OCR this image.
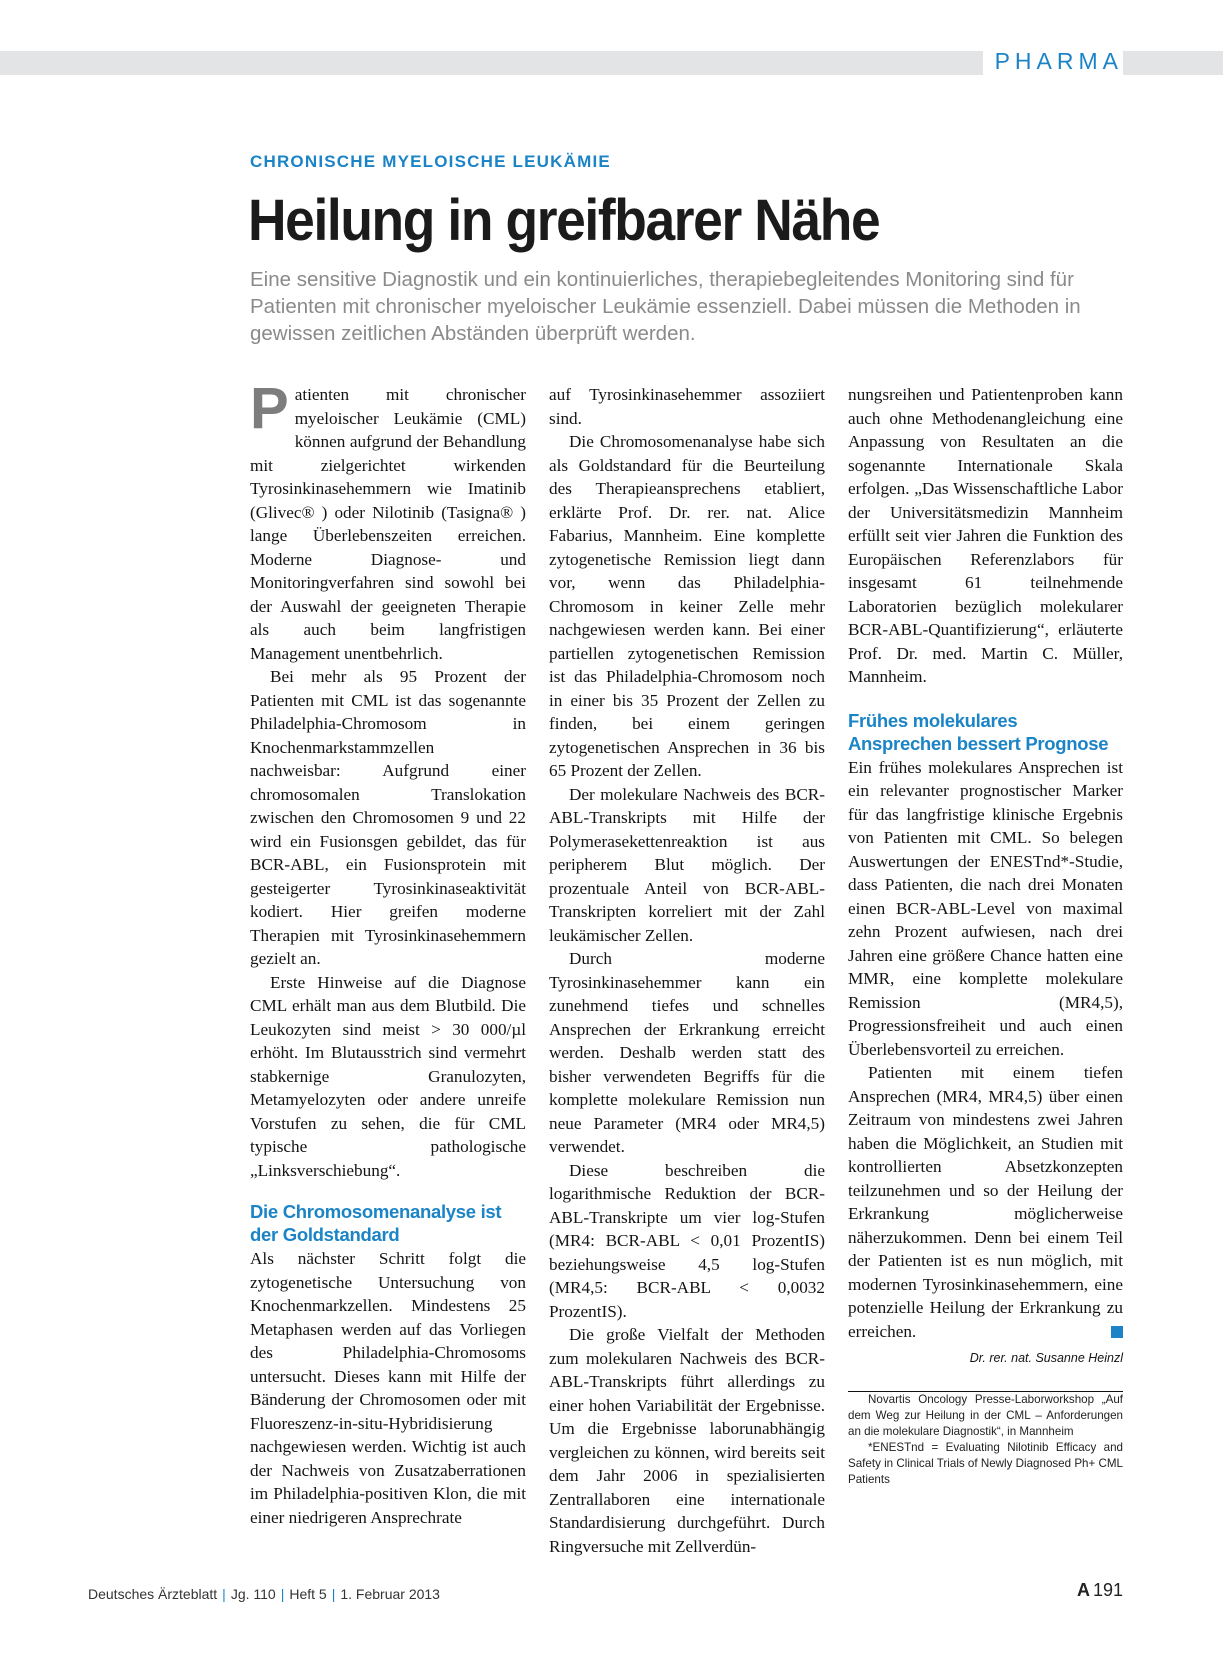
PHARMA
CHRONISCHE MYELOISCHE LEUKÄMIE
Heilung in greifbarer Nähe

Eine sensitive Diagnostik und ein kontinuierliches, therapiebegleitendes Monitoring sind für Patienten mit chronischer myeloischer Leukämie essenziell. Dabei müssen die Methoden in gewissen zeitlichen Abständen überprüft werden.

Patienten mit chronischer myeloischer Leukämie (CML) können aufgrund der Behandlung mit zielgerichtet wirkenden Tyrosinkinasehemmern wie Imatinib (Glivec® ) oder Nilotinib (Tasigna® ) lange Überlebenszeiten erreichen. Moderne Diagnose- und Monitoringverfahren sind sowohl bei der Auswahl der geeigneten Therapie als auch beim langfristigen Management unentbehrlich.

Bei mehr als 95 Prozent der Patienten mit CML ist das sogenannte Philadelphia-Chromosom in Knochenmarkstammzellen nachweisbar: Aufgrund einer chromosomalen Translokation zwischen den Chromosomen 9 und 22 wird ein Fusionsgen gebildet, das für BCR-ABL, ein Fusionsprotein mit gesteigerter Tyrosinkinaseaktivität kodiert. Hier greifen moderne Therapien mit Tyrosinkinasehemmern gezielt an.

Erste Hinweise auf die Diagnose CML erhält man aus dem Blutbild. Die Leukozyten sind meist > 30 000/µl erhöht. Im Blutausstrich sind vermehrt stabkernige Granulozyten, Metamyelozyten oder andere unreife Vorstufen zu sehen, die für CML typische pathologische „Linksverschiebung“.

Die Chromosomenanalyse ist der Goldstandard

Als nächster Schritt folgt die zytogenetische Untersuchung von Knochenmarkzellen. Mindestens 25 Metaphasen werden auf das Vorliegen des Philadelphia-Chromosoms untersucht. Dieses kann mit Hilfe der Bänderung der Chromosomen oder mit Fluoreszenz-in-situ-Hybridisierung nachgewiesen werden. Wichtig ist auch der Nachweis von Zusatzaberrationen im Philadelphia-positiven Klon, die mit einer niedrigeren Ansprechrate

auf Tyrosinkinasehemmer assoziiert sind.

Die Chromosomenanalyse habe sich als Goldstandard für die Beurteilung des Therapieansprechens etabliert, erklärte Prof. Dr. rer. nat. Alice Fabarius, Mannheim. Eine komplette zytogenetische Remission liegt dann vor, wenn das Philadelphia-Chromosom in keiner Zelle mehr nachgewiesen werden kann. Bei einer partiellen zytogenetischen Remission ist das Philadelphia-Chromosom noch in einer bis 35 Prozent der Zellen zu finden, bei einem geringen zytogenetischen Ansprechen in 36 bis 65 Prozent der Zellen.

Der molekulare Nachweis des BCR-ABL-Transkripts mit Hilfe der Polymerasekettenreaktion ist aus peripherem Blut möglich. Der prozentuale Anteil von BCR-ABL-Transkripten korreliert mit der Zahl leukämischer Zellen.

Durch moderne Tyrosinkinasehemmer kann ein zunehmend tiefes und schnelles Ansprechen der Erkrankung erreicht werden. Deshalb werden statt des bisher verwendeten Begriffs für die komplette molekulare Remission nun neue Parameter (MR4 oder MR4,5) verwendet.

Diese beschreiben die logarithmische Reduktion der BCR-ABL-Transkripte um vier log-Stufen (MR4: BCR-ABL < 0,01 ProzentIS) beziehungsweise 4,5 log-Stufen (MR4,5: BCR-ABL < 0,0032 ProzentIS).

Die große Vielfalt der Methoden zum molekularen Nachweis des BCR-ABL-Transkripts führt allerdings zu einer hohen Variabilität der Ergebnisse. Um die Ergebnisse laborunabhängig vergleichen zu können, wird bereits seit dem Jahr 2006 in spezialisierten Zentrallaboren eine internationale Standardisierung durchgeführt. Durch Ringversuche mit Zellverdün-

nungsreihen und Patientenproben kann auch ohne Methodenangleichung eine Anpassung von Resultaten an die sogenannte Internationale Skala erfolgen. „Das Wissenschaftliche Labor der Universitätsmedizin Mannheim erfüllt seit vier Jahren die Funktion des Europäischen Referenzlabors für insgesamt 61 teilnehmende Laboratorien bezüglich molekularer BCR-ABL-Quantifizierung“, erläuterte Prof. Dr. med. Martin C. Müller, Mannheim.

Frühes molekulares Ansprechen bessert Prognose

Ein frühes molekulares Ansprechen ist ein relevanter prognostischer Marker für das langfristige klinische Ergebnis von Patienten mit CML. So belegen Auswertungen der ENESTnd*-Studie, dass Patienten, die nach drei Monaten einen BCR-ABL-Level von maximal zehn Prozent aufwiesen, nach drei Jahren eine größere Chance hatten eine MMR, eine komplette molekulare Remission (MR4,5), Progressionsfreiheit und auch einen Überlebensvorteil zu erreichen.

Patienten mit einem tiefen Ansprechen (MR4, MR4,5) über einen Zeitraum von mindestens zwei Jahren haben die Möglichkeit, an Studien mit kontrollierten Absetzkonzepten teilzunehmen und so der Heilung der Erkrankung möglicherweise näherzukommen. Denn bei einem Teil der Patienten ist es nun möglich, mit modernen Tyrosinkinasehemmern, eine potenzielle Heilung der Erkrankung zu erreichen.

Dr. rer. nat. Susanne Heinzl

Novartis Oncology Presse-Laborworkshop „Auf dem Weg zur Heilung in der CML – Anforderungen an die molekulare Diagnostik“, in Mannheim

*ENESTnd = Evaluating Nilotinib Efficacy and Safety in Clinical Trials of Newly Diagnosed Ph+ CML Patients

Deutsches Ärzteblatt | Jg. 110 | Heft 5 | 1. Februar 2013	A 191
